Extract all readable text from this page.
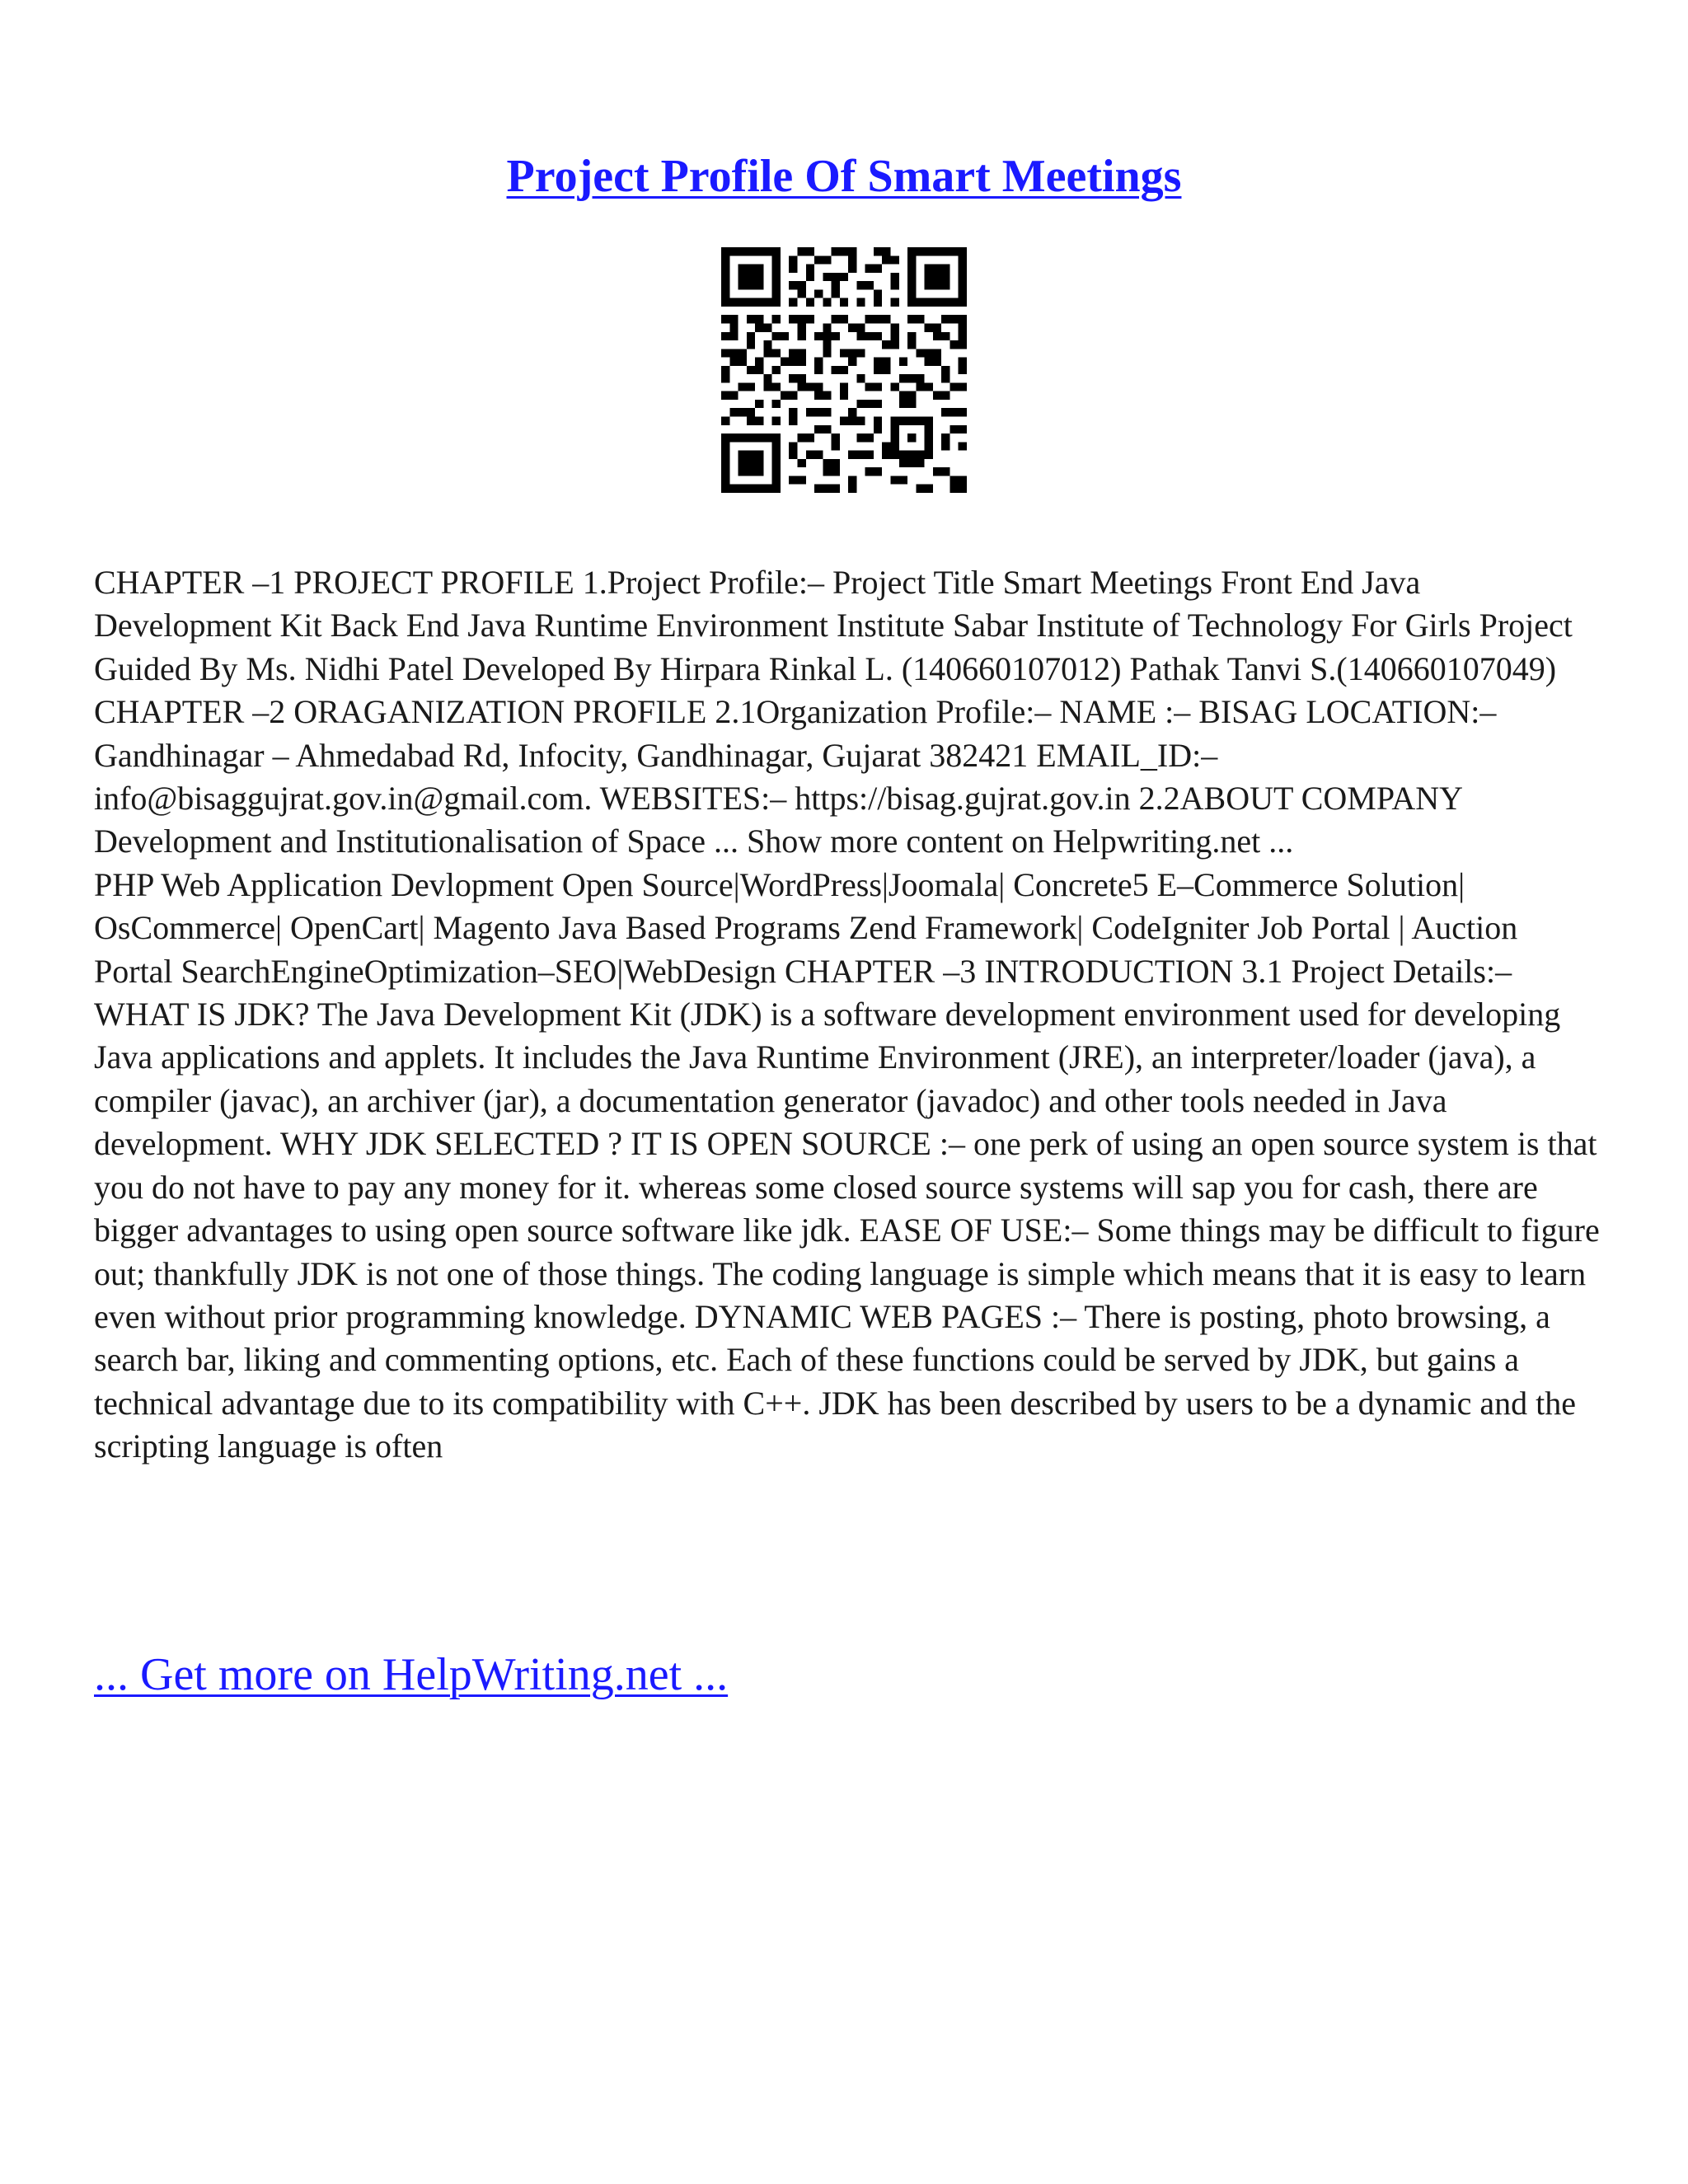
Project Profile Of Smart Meetings

CHAPTER –1 PROJECT PROFILE 1.Project Profile:– Project Title Smart Meetings Front End Java Development Kit Back End Java Runtime Environment Institute Sabar Institute of Technology For Girls Project Guided By Ms. Nidhi Patel Developed By Hirpara Rinkal L. (140660107012) Pathak Tanvi S.(140660107049) CHAPTER –2 ORAGANIZATION PROFILE 2.1Organization Profile:– NAME :– BISAG LOCATION:– Gandhinagar – Ahmedabad Rd, Infocity, Gandhinagar, Gujarat 382421 EMAIL_ID:– info@bisaggujrat.gov.in@gmail.com. WEBSITES:– https://bisag.gujrat.gov.in 2.2ABOUT COMPANY Development and Institutionalisation of Space ... Show more content on Helpwriting.net ...

PHP Web Application Devlopment Open Source|WordPress|Joomala| Concrete5 E–Commerce Solution| OsCommerce| OpenCart| Magento Java Based Programs Zend Framework| CodeIgniter Job Portal | Auction Portal SearchEngineOptimization–SEO|WebDesign CHAPTER –3 INTRODUCTION 3.1 Project Details:– WHAT IS JDK? The Java Development Kit (JDK) is a software development environment used for developing Java applications and applets. It includes the Java Runtime Environment (JRE), an interpreter/loader (java), a compiler (javac), an archiver (jar), a documentation generator (javadoc) and other tools needed in Java development. WHY JDK SELECTED ? IT IS OPEN SOURCE :– one perk of using an open source system is that you do not have to pay any money for it. whereas some closed source systems will sap you for cash, there are bigger advantages to using open source software like jdk. EASE OF USE:– Some things may be difficult to figure out; thankfully JDK is not one of those things. The coding language is simple which means that it is easy to learn even without prior programming knowledge. DYNAMIC WEB PAGES :– There is posting, photo browsing, a search bar, liking and commenting options, etc. Each of these functions could be served by JDK, but gains a technical advantage due to its compatibility with C++. JDK has been described by users to be a dynamic and the scripting language is often

... Get more on HelpWriting.net ...
